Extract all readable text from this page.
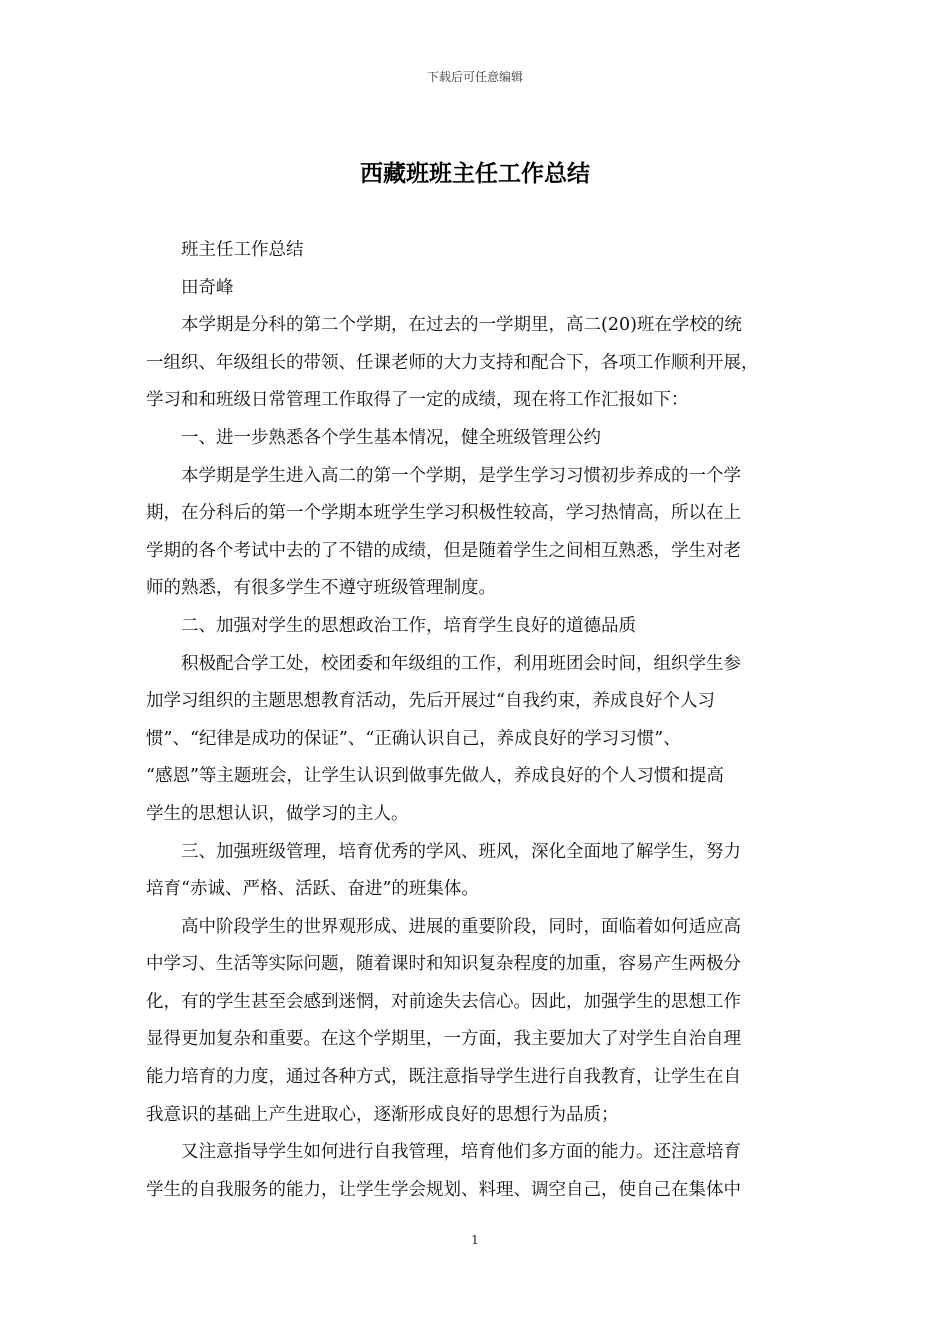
下载后可任意编辑
西藏班班主任工作总结

班主任工作总结

田奇峰

本学期是分科的第二个学期，在过去的一学期里，高二(20)班在学校的统

一组织、年级组长的带领、任课老师的大力支持和配合下，各项工作顺利开展，

学习和和班级日常管理工作取得了一定的成绩，现在将工作汇报如下：

一、进一步熟悉各个学生基本情况，健全班级管理公约

本学期是学生进入高二的第一个学期，是学生学习习惯初步养成的一个学

期，在分科后的第一个学期本班学生学习积极性较高，学习热情高，所以在上

学期的各个考试中去的了不错的成绩，但是随着学生之间相互熟悉，学生对老

师的熟悉，有很多学生不遵守班级管理制度。

二、加强对学生的思想政治工作，培育学生良好的道德品质

积极配合学工处，校团委和年级组的工作，利用班团会时间，组织学生参

加学习组织的主题思想教育活动，先后开展过“自我约束，养成良好个人习

惯”、“纪律是成功的保证”、“正确认识自己，养成良好的学习习惯”、

“感恩”等主题班会，让学生认识到做事先做人，养成良好的个人习惯和提高

学生的思想认识，做学习的主人。

三、加强班级管理，培育优秀的学风、班风，深化全面地了解学生，努力

培育“赤诚、严格、活跃、奋进”的班集体。

高中阶段学生的世界观形成、进展的重要阶段，同时，面临着如何适应高

中学习、生活等实际问题，随着课时和知识复杂程度的加重，容易产生两极分

化，有的学生甚至会感到迷惘，对前途失去信心。因此，加强学生的思想工作

显得更加复杂和重要。在这个学期里，一方面，我主要加大了对学生自治自理

能力培育的力度，通过各种方式，既注意指导学生进行自我教育，让学生在自

我意识的基础上产生进取心，逐渐形成良好的思想行为品质；

又注意指导学生如何进行自我管理，培育他们多方面的能力。还注意培育

学生的自我服务的能力，让学生学会规划、料理、调空自己，使自己在集体中

1
